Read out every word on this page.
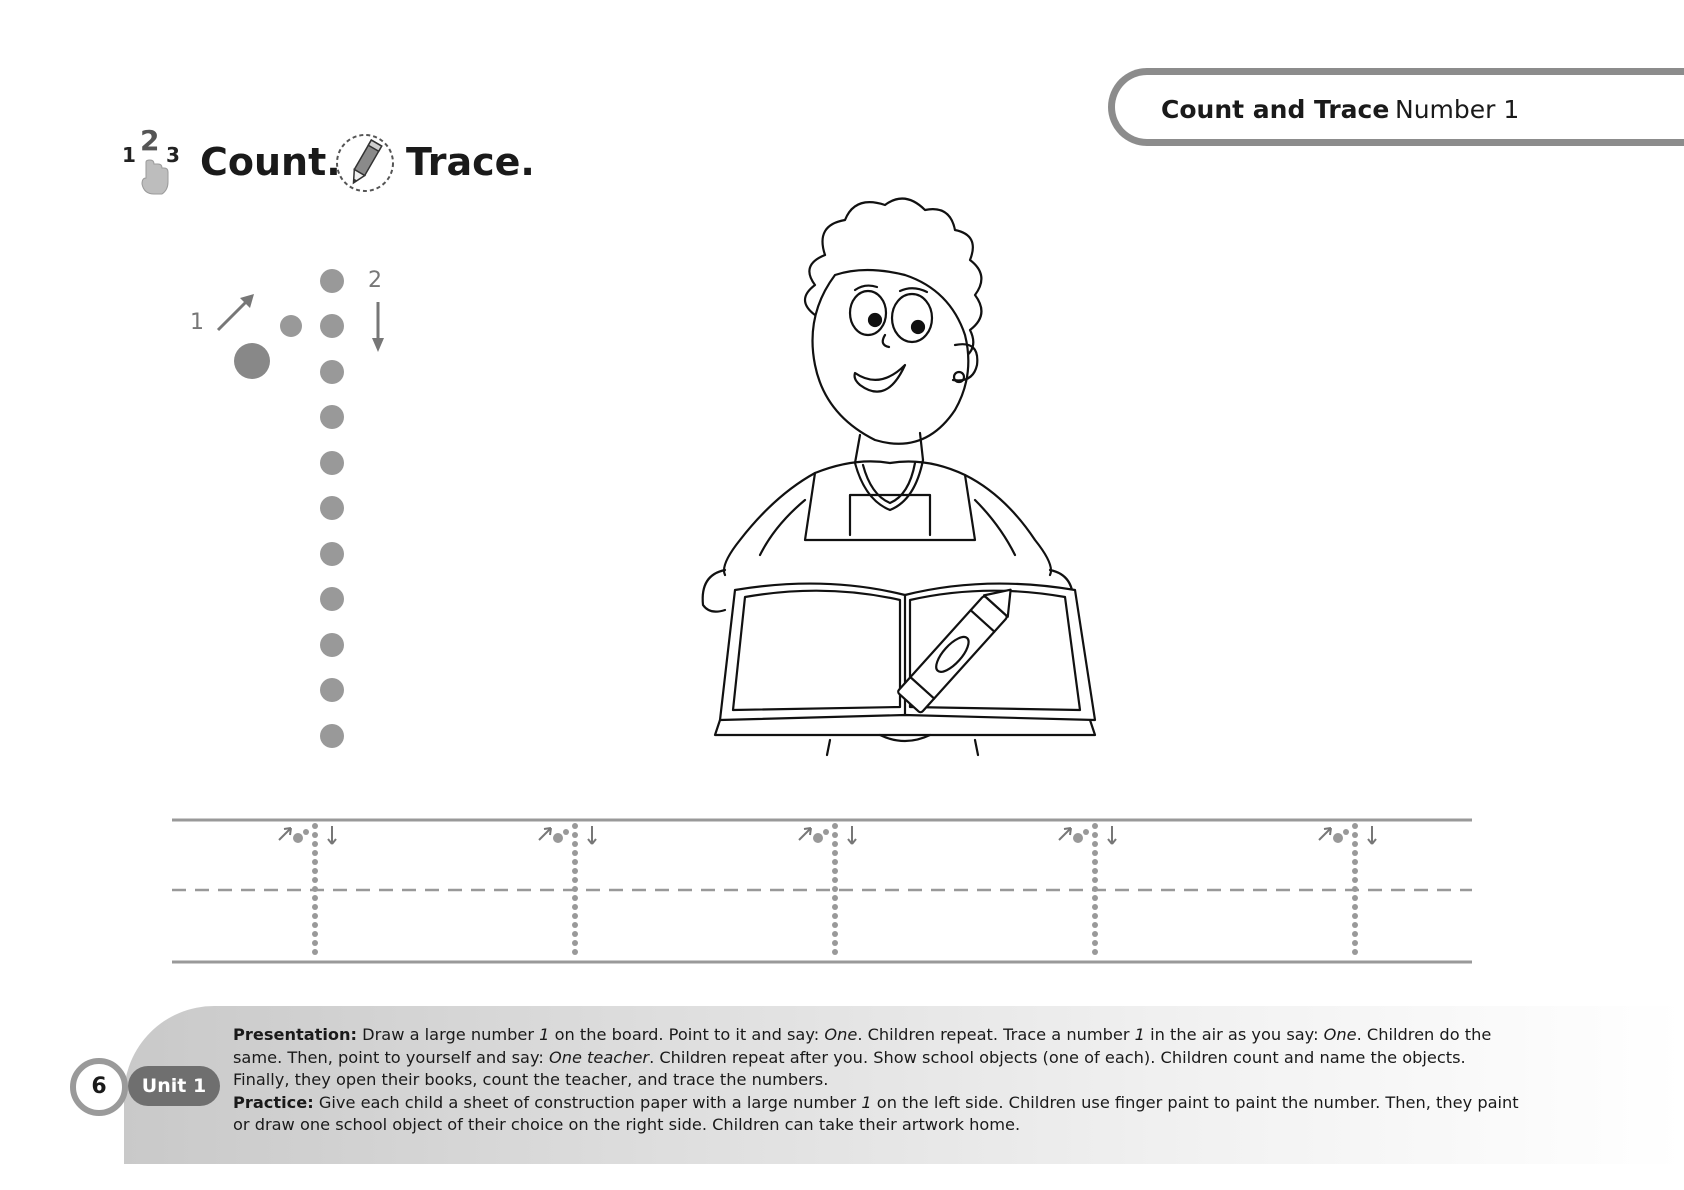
Count and Trace Number 1
1 2 3 Count. Trace.
1
2
6	Unit 1

Presentation: Draw a large number 1 on the board. Point to it and say: One. Children repeat. Trace a number 1 in the air as you say: One. Children do the same. Then, point to yourself and say: One teacher. Children repeat after you. Show school objects (one of each). Children count and name the objects. Finally, they open their books, count the teacher, and trace the numbers.

Practice: Give each child a sheet of construction paper with a large number 1 on the left side. Children use finger paint to paint the number. Then, they paint or draw one school object of their choice on the right side. Children can take their artwork home.
